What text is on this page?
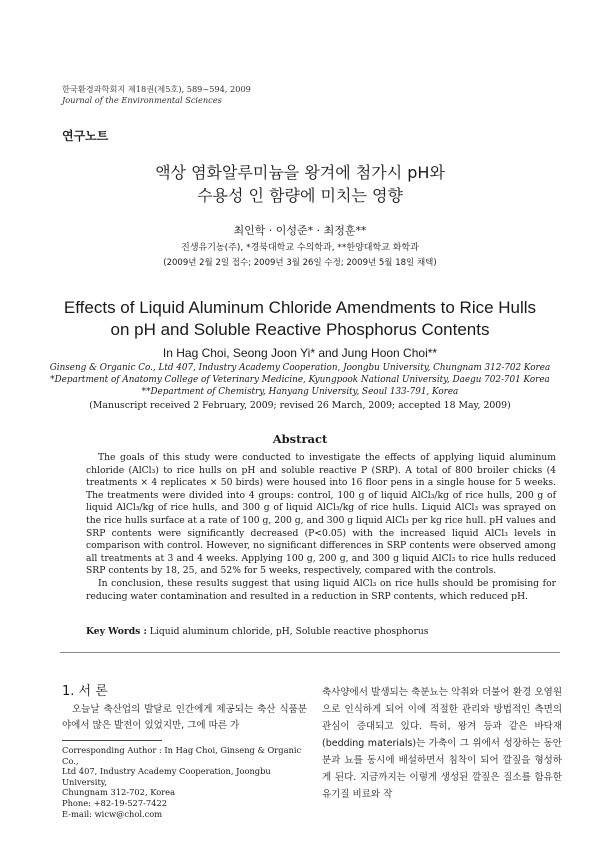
한국환경과학회지 제18권(제5호), 589~594, 2009
Journal of the Environmental Sciences
연구노트
액상 염화알루미늄을 왕겨에 첨가시 pH와
수용성 인 함량에 미치는 영향
최인학 · 이성준* · 최정훈**
진생유기농(주), *경북대학교 수의학과, **한양대학교 화학과
(2009년 2월 2일 접수; 2009년 3월 26일 수정; 2009년 5월 18일 채택)
Effects of Liquid Aluminum Chloride Amendments to Rice Hulls
on pH and Soluble Reactive Phosphorus Contents
In Hag Choi, Seong Joon Yi* and Jung Hoon Choi**
Ginseng & Organic Co., Ltd 407, Industry Academy Cooperation, Joongbu University, Chungnam 312-702 Korea
*Department of Anatomy College of Veterinary Medicine, Kyungpook National University, Daegu 702-701 Korea
**Department of Chemistry, Hanyang University, Seoul 133-791, Korea
(Manuscript received 2 February, 2009; revised 26 March, 2009; accepted 18 May, 2009)
Abstract

The goals of this study were conducted to investigate the effects of applying liquid aluminum chloride (AlCl₃) to rice hulls on pH and soluble reactive P (SRP). A total of 800 broiler chicks (4 treatments × 4 replicates × 50 birds) were housed into 16 floor pens in a single house for 5 weeks. The treatments were divided into 4 groups: control, 100 g of liquid AlCl₃/kg of rice hulls, 200 g of liquid AlCl₃/kg of rice hulls, and 300 g of liquid AlCl₃/kg of rice hulls. Liquid AlCl₃ was sprayed on the rice hulls surface at a rate of 100 g, 200 g, and 300 g liquid AlCl₃ per kg rice hull. pH values and SRP contents were significantly decreased (P<0.05) with the increased liquid AlCl₃ levels in comparison with control. However, no significant differences in SRP contents were observed among all treatments at 3 and 4 weeks. Applying 100 g, 200 g, and 300 g liquid AlCl₃ to rice hulls reduced SRP contents by 18, 25, and 52% for 5 weeks, respectively, compared with the controls.

In conclusion, these results suggest that using liquid AlCl₃ on rice hulls should be promising for reducing water contamination and resulted in a reduction in SRP contents, which reduced pH.

Key Words : Liquid aluminum chloride, pH, Soluble reactive phosphorus
1. 서 론

오늘날 축산업의 발달로 인간에게 제공되는 축산 식품분야에서 많은 발전이 있었지만, 그에 따른 가

Corresponding Author : In Hag Choi, Ginseng & Organic Co.,
Ltd 407, Industry Academy Cooperation, Joongbu University,
Chungnam 312-702, Korea
Phone: +82-19-527-7422
E-mail: wicw@chol.com

축사양에서 발생되는 축분뇨는 악취와 더불어 환경 오염원으로 인식하게 되어 이에 적절한 관리와 방법적인 측면의 관심이 증대되고 있다. 특히, 왕겨 등과 같은 바닥재(bedding materials)는 가축이 그 위에서 성장하는 동안 분과 뇨를 동시에 배설하면서 침착이 되어 깔짚을 형성하게 된다. 지금까지는 이렇게 생성된 깔짚은 질소를 함유한 유기질 비료와 작
